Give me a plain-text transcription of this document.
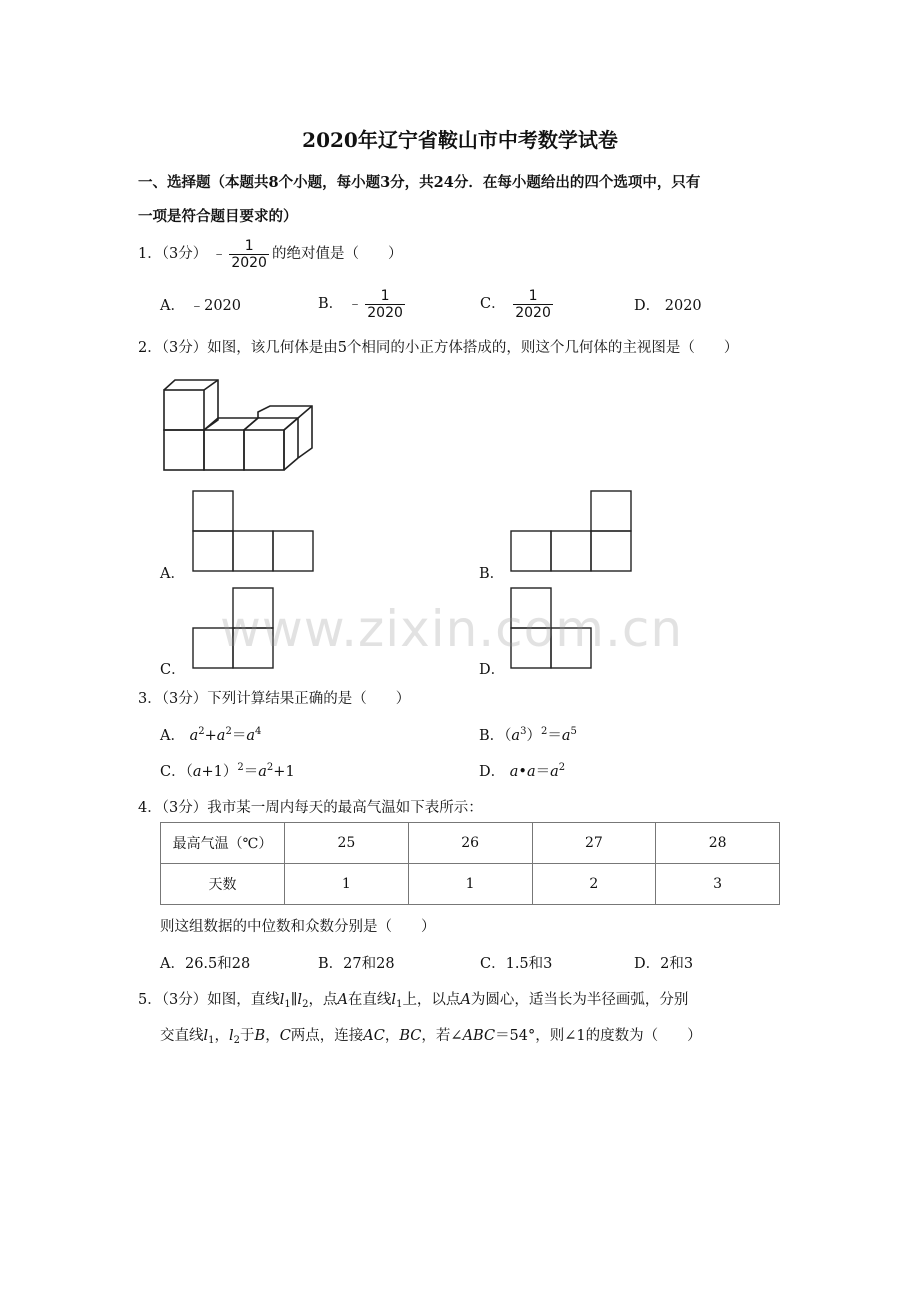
2020年辽宁省鞍山市中考数学试卷
一、选择题（本题共8个小题，每小题3分，共24分．在每小题给出的四个选项中，只有
一项是符合题目要求的）
1．（3分） ﹣ $\frac{1}{2020}$ 的绝对值是（　　）
A． ﹣2020	B． ﹣ $\frac{1}{2020}$	C． $\frac{1}{2020}$	D． 2020
2．（3分）如图，该几何体是由5个相同的小正方体搭成的，则这个几何体的主视图是（　　）
A．	B．
C．	D．
www.zixin.com.cn
3．（3分）下列计算结果正确的是（　　）
A． $a^2+a^2=a^4$	B．$(a^3)^2=a^5$
C．$(a+1)^2=a^2+1$	D． $a•a=a^2$
4．（3分）我市某一周内每天的最高气温如下表所示：
最高气温（℃）	25	26	27	28
天数	1	1	2	3
则这组数据的中位数和众数分别是（　　）
A．26.5和28	B．27和28	C．1.5和3	D．2和3
5．（3分）如图，直线$l_1\parallel l_2$，点A在直线$l_1$上，以点A为圆心，适当长为半径画弧，分别
交直线$l_1$，$l_2$于B，C两点，连接AC，BC，若∠ABC＝54°，则∠1的度数为（　　）
